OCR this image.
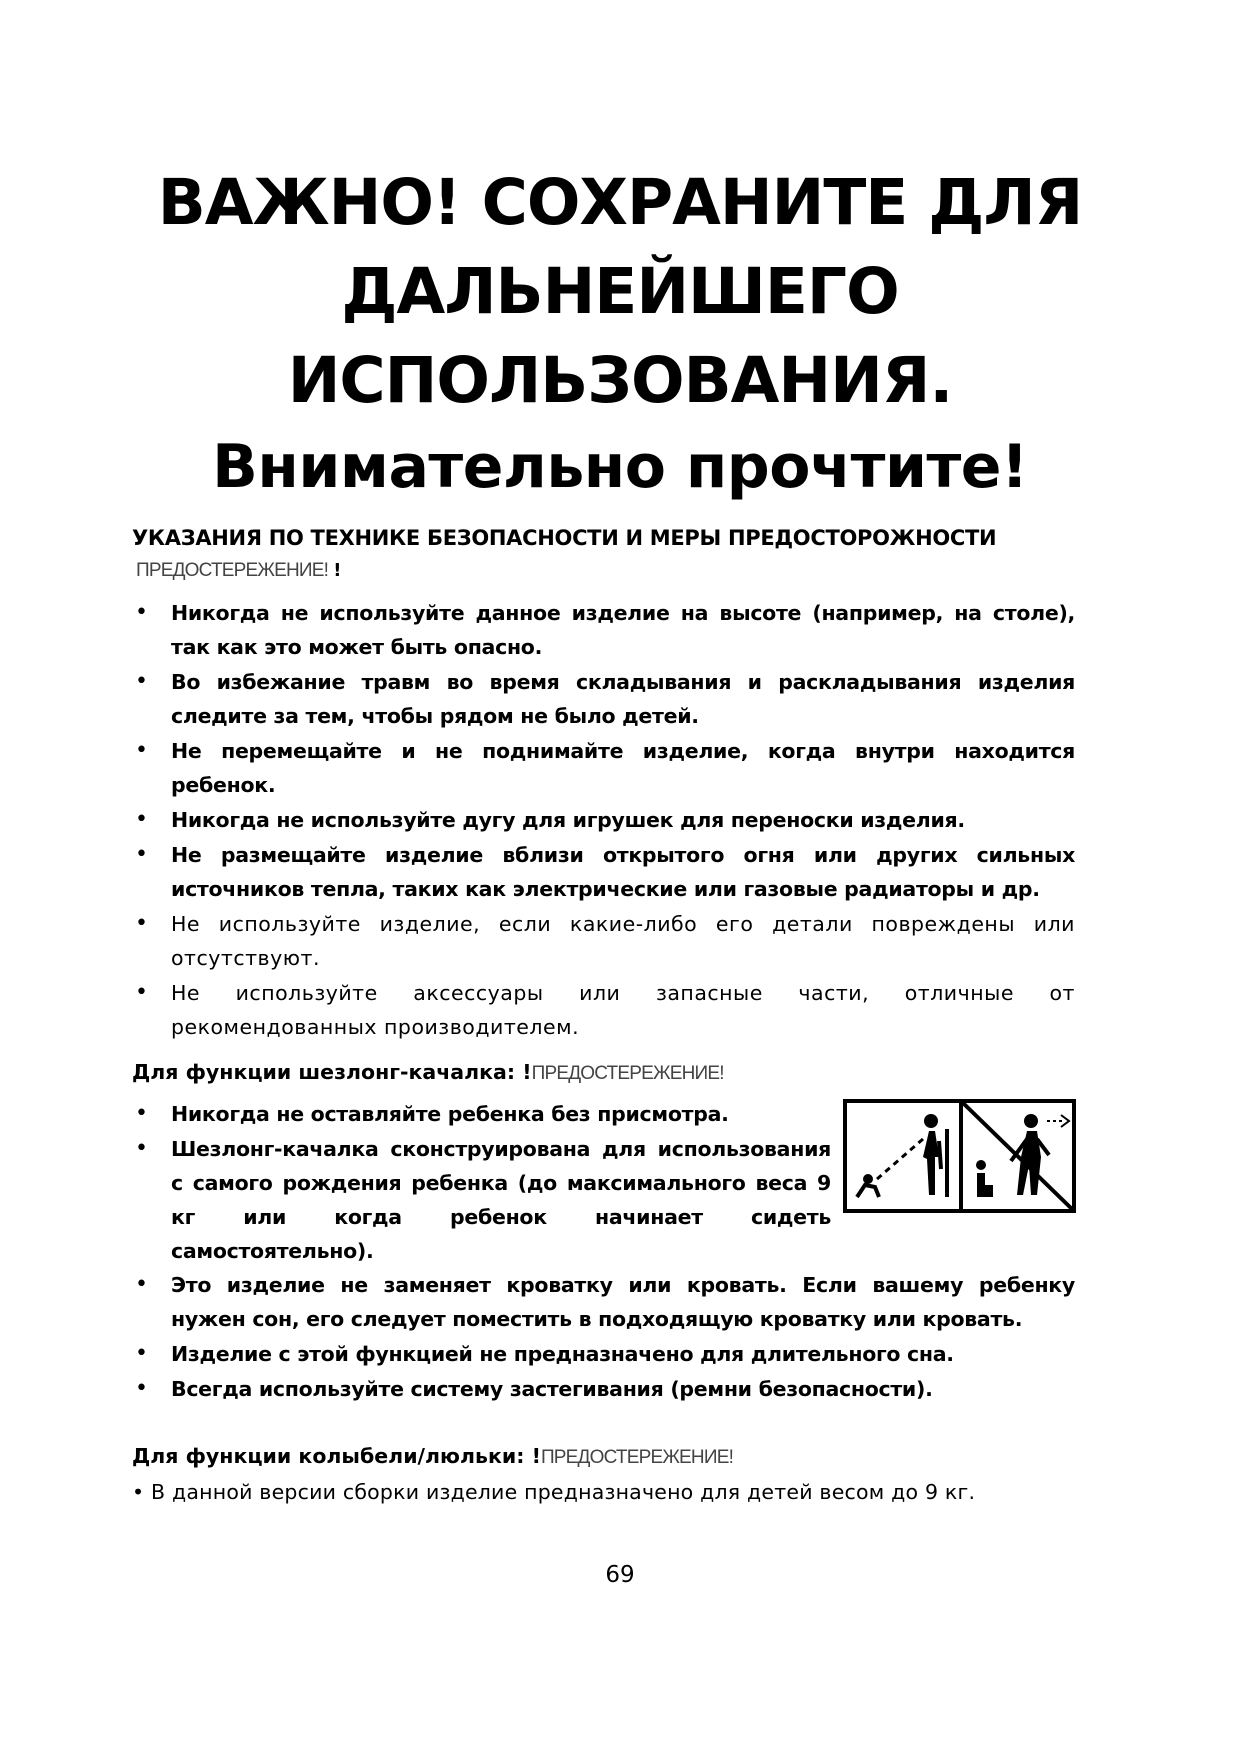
ВАЖНО! СОХРАНИТЕ ДЛЯ
ДАЛЬНЕЙШЕГО
ИСПОЛЬЗОВАНИЯ.
Внимательно прочтите!
УКАЗАНИЯ ПО ТЕХНИКЕ БЕЗОПАСНОСТИ И МЕРЫ ПРЕДОСТОРОЖНОСТИ
ПРЕДОСТЕРЕЖЕНИЕ! !
• Никогда не используйте данное изделие на высоте (например, на столе), так как это может быть опасно.
• Во избежание травм во время складывания и раскладывания изделия следите за тем, чтобы рядом не было детей.
• Не перемещайте и не поднимайте изделие, когда внутри находится ребенок.
• Никогда не используйте дугу для игрушек для переноски изделия.
• Не размещайте изделие вблизи открытого огня или других сильных источников тепла, таких как электрические или газовые радиаторы и др.
• Не используйте изделие, если какие-либо его детали повреждены или отсутствуют.
• Не используйте аксессуары или запасные части, отличные от рекомендованных производителем.
Для функции шезлонг-качалка: !ПРЕДОСТЕРЕЖЕНИЕ!
• Никогда не оставляйте ребенка без присмотра.
• Шезлонг-качалка сконструирована для использования с самого рождения ребенка (до максимального веса 9 кг или когда ребенок начинает сидеть самостоятельно).
• Это изделие не заменяет кроватку или кровать. Если вашему ребенку нужен сон, его следует поместить в подходящую кроватку или кровать.
• Изделие с этой функцией не предназначено для длительного сна.
• Всегда используйте систему застегивания (ремни безопасности).
Для функции колыбели/люльки: !ПРЕДОСТЕРЕЖЕНИЕ!
• В данной версии сборки изделие предназначено для детей весом до 9 кг.
69
